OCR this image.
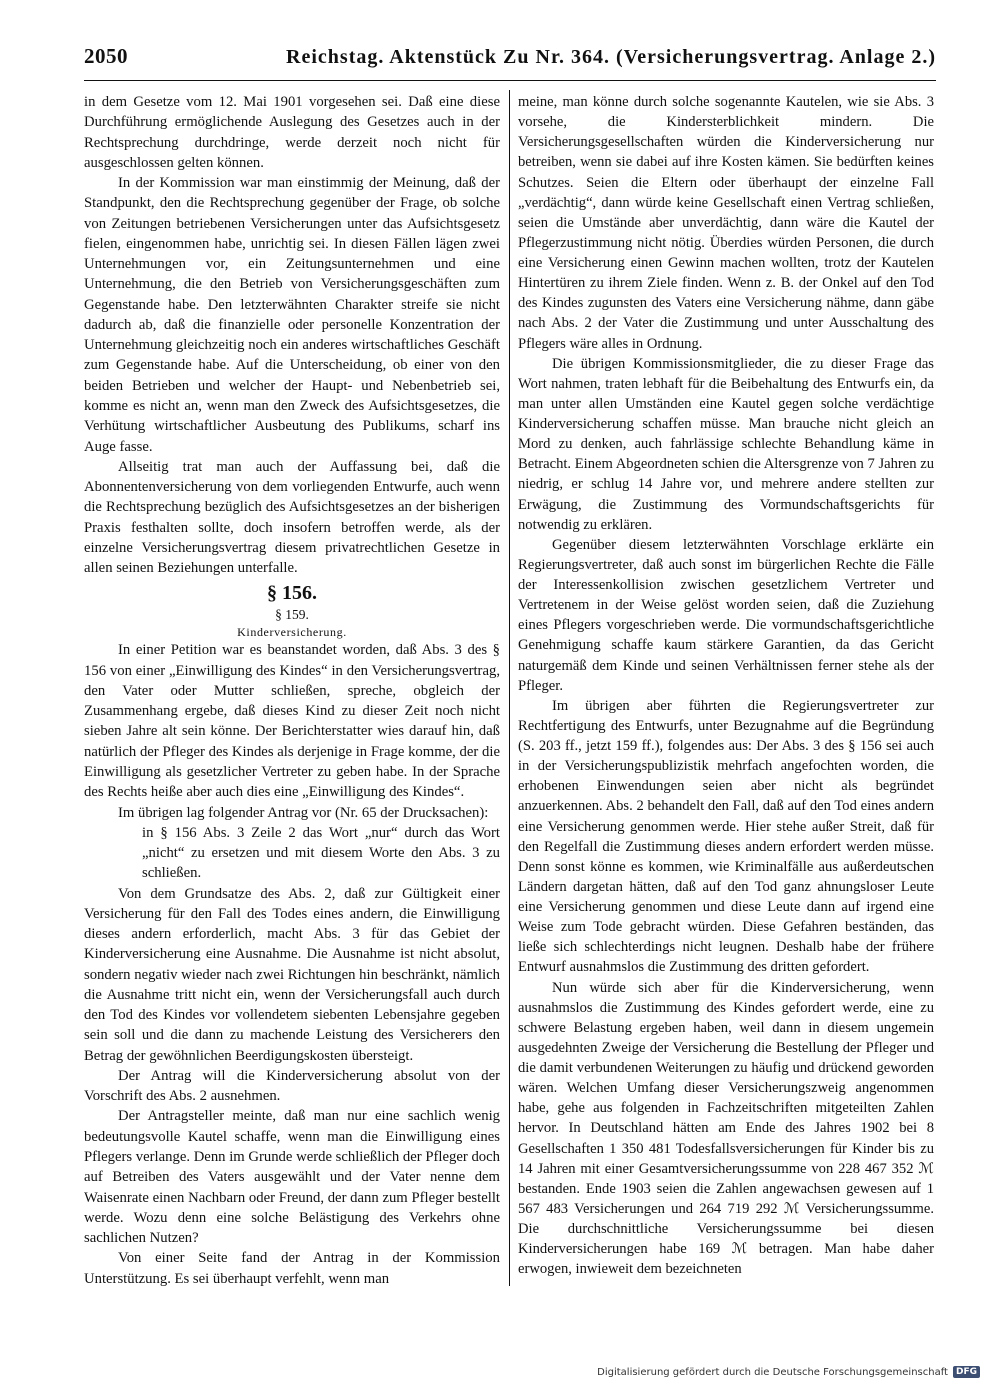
2050	Reichstag. Aktenstück Zu Nr. 364. (Versicherungsvertrag. Anlage 2.)

in dem Gesetze vom 12. Mai 1901 vorgesehen sei. Daß eine diese Durchführung ermöglichende Auslegung des Gesetzes auch in der Rechtsprechung durchdringe, werde derzeit noch nicht für ausgeschlossen gelten können.

In der Kommission war man einstimmig der Meinung, daß der Standpunkt, den die Rechtsprechung gegenüber der Frage, ob solche von Zeitungen betriebenen Versicherungen unter das Aufsichtsgesetz fielen, eingenommen habe, unrichtig sei. In diesen Fällen lägen zwei Unternehmungen vor, ein Zeitungsunternehmen und eine Unternehmung, die den Betrieb von Versicherungsgeschäften zum Gegenstande habe. Den letzterwähnten Charakter streife sie nicht dadurch ab, daß die finanzielle oder personelle Konzentration der Unternehmung gleichzeitig noch ein anderes wirtschaftliches Geschäft zum Gegenstande habe. Auf die Unterscheidung, ob einer von den beiden Betrieben und welcher der Haupt- und Nebenbetrieb sei, komme es nicht an, wenn man den Zweck des Aufsichtsgesetzes, die Verhütung wirtschaftlicher Ausbeutung des Publikums, scharf ins Auge fasse.

Allseitig trat man auch der Auffassung bei, daß die Abonnentenversicherung von dem vorliegenden Entwurfe, auch wenn die Rechtsprechung bezüglich des Aufsichtsgesetzes an der bisherigen Praxis festhalten sollte, doch insofern betroffen werde, als der einzelne Versicherungsvertrag diesem privatrechtlichen Gesetze in allen seinen Beziehungen unterfalle.

§ 156.
§ 159.
Kinderversicherung.

In einer Petition war es beanstandet worden, daß Abs. 3 des § 156 von einer „Einwilligung des Kindes“ in den Versicherungsvertrag, den Vater oder Mutter schließen, spreche, obgleich der Zusammenhang ergebe, daß dieses Kind zu dieser Zeit noch nicht sieben Jahre alt sein könne. Der Berichterstatter wies darauf hin, daß natürlich der Pfleger des Kindes als derjenige in Frage komme, der die Einwilligung als gesetzlicher Vertreter zu geben habe. In der Sprache des Rechts heiße aber auch dies eine „Einwilligung des Kindes“.

Im übrigen lag folgender Antrag vor (Nr. 65 der Drucksachen):

in § 156 Abs. 3 Zeile 2 das Wort „nur“ durch das Wort „nicht“ zu ersetzen und mit diesem Worte den Abs. 3 zu schließen.

Von dem Grundsatze des Abs. 2, daß zur Gültigkeit einer Versicherung für den Fall des Todes eines andern, die Einwilligung dieses andern erforderlich, macht Abs. 3 für das Gebiet der Kinderversicherung eine Ausnahme. Die Ausnahme ist nicht absolut, sondern negativ wieder nach zwei Richtungen hin beschränkt, nämlich die Ausnahme tritt nicht ein, wenn der Versicherungsfall auch durch den Tod des Kindes vor vollendetem siebenten Lebensjahre gegeben sein soll und die dann zu machende Leistung des Versicherers den Betrag der gewöhnlichen Beerdigungskosten übersteigt.

Der Antrag will die Kinderversicherung absolut von der Vorschrift des Abs. 2 ausnehmen.

Der Antragsteller meinte, daß man nur eine sachlich wenig bedeutungsvolle Kautel schaffe, wenn man die Einwilligung eines Pflegers verlange. Denn im Grunde werde schließlich der Pfleger doch auf Betreiben des Vaters ausgewählt und der Vater nenne dem Waisenrate einen Nachbarn oder Freund, der dann zum Pfleger bestellt werde. Wozu denn eine solche Belästigung des Verkehrs ohne sachlichen Nutzen?

Von einer Seite fand der Antrag in der Kommission Unterstützung. Es sei überhaupt verfehlt, wenn man

meine, man könne durch solche sogenannte Kautelen, wie sie Abs. 3 vorsehe, die Kindersterblichkeit mindern. Die Versicherungsgesellschaften würden die Kinderversicherung nur betreiben, wenn sie dabei auf ihre Kosten kämen. Sie bedürften keines Schutzes. Seien die Eltern oder überhaupt der einzelne Fall „verdächtig“, dann würde keine Gesellschaft einen Vertrag schließen, seien die Umstände aber unverdächtig, dann wäre die Kautel der Pflegerzustimmung nicht nötig. Überdies würden Personen, die durch eine Versicherung einen Gewinn machen wollten, trotz der Kautelen Hintertüren zu ihrem Ziele finden. Wenn z. B. der Onkel auf den Tod des Kindes zugunsten des Vaters eine Versicherung nähme, dann gäbe nach Abs. 2 der Vater die Zustimmung und unter Ausschaltung des Pflegers wäre alles in Ordnung.

Die übrigen Kommissionsmitglieder, die zu dieser Frage das Wort nahmen, traten lebhaft für die Beibehaltung des Entwurfs ein, da man unter allen Umständen eine Kautel gegen solche verdächtige Kinderversicherung schaffen müsse. Man brauche nicht gleich an Mord zu denken, auch fahrlässige schlechte Behandlung käme in Betracht. Einem Abgeordneten schien die Altersgrenze von 7 Jahren zu niedrig, er schlug 14 Jahre vor, und mehrere andere stellten zur Erwägung, die Zustimmung des Vormundschaftsgerichts für notwendig zu erklären.

Gegenüber diesem letzterwähnten Vorschlage erklärte ein Regierungsvertreter, daß auch sonst im bürgerlichen Rechte die Fälle der Interessenkollision zwischen gesetzlichem Vertreter und Vertretenem in der Weise gelöst worden seien, daß die Zuziehung eines Pflegers vorgeschrieben werde. Die vormundschaftsgerichtliche Genehmigung schaffe kaum stärkere Garantien, da das Gericht naturgemäß dem Kinde und seinen Verhältnissen ferner stehe als der Pfleger.

Im übrigen aber führten die Regierungsvertreter zur Rechtfertigung des Entwurfs, unter Bezugnahme auf die Begründung (S. 203 ff., jetzt 159 ff.), folgendes aus: Der Abs. 3 des § 156 sei auch in der Versicherungspublizistik mehrfach angefochten worden, die erhobenen Einwendungen seien aber nicht als begründet anzuerkennen. Abs. 2 behandelt den Fall, daß auf den Tod eines andern eine Versicherung genommen werde. Hier stehe außer Streit, daß für den Regelfall die Zustimmung dieses andern erfordert werden müsse. Denn sonst könne es kommen, wie Kriminalfälle aus außerdeutschen Ländern dargetan hätten, daß auf den Tod ganz ahnungsloser Leute eine Versicherung genommen und diese Leute dann auf irgend eine Weise zum Tode gebracht würden. Diese Gefahren beständen, das ließe sich schlechterdings nicht leugnen. Deshalb habe der frühere Entwurf ausnahmslos die Zustimmung des dritten gefordert.

Nun würde sich aber für die Kinderversicherung, wenn ausnahmslos die Zustimmung des Kindes gefordert werde, eine zu schwere Belastung ergeben haben, weil dann in diesem ungemein ausgedehnten Zweige der Versicherung die Bestellung der Pfleger und die damit verbundenen Weiterungen zu häufig und drückend geworden wären. Welchen Umfang dieser Versicherungszweig angenommen habe, gehe aus folgenden in Fachzeitschriften mitgeteilten Zahlen hervor. In Deutschland hätten am Ende des Jahres 1902 bei 8 Gesellschaften 1 350 481 Todesfallsversicherungen für Kinder bis zu 14 Jahren mit einer Gesamtversicherungssumme von 228 467 352 ℳ bestanden. Ende 1903 seien die Zahlen angewachsen gewesen auf 1 567 483 Versicherungen und 264 719 292 ℳ Versicherungssumme. Die durchschnittliche Versicherungssumme bei diesen Kinderversicherungen habe 169 ℳ betragen. Man habe daher erwogen, inwieweit dem bezeichneten

Digitalisierung gefördert durch die Deutsche Forschungsgemeinschaft DFG
